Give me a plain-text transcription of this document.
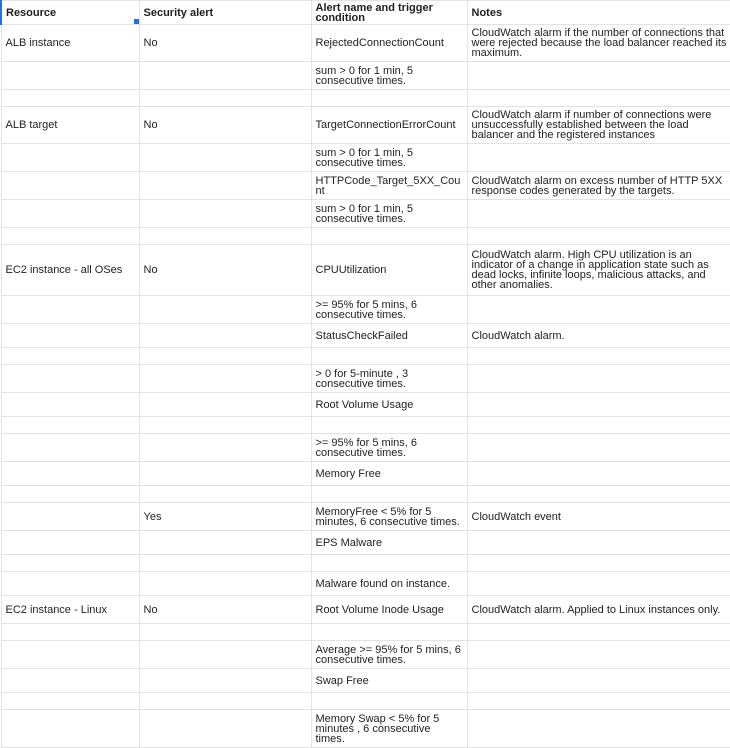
Resource	Security alert	Alert name and trigger condition	Notes

ALB instance	No	RejectedConnectionCount	CloudWatch alarm if the number of connections that were rejected because the load balancer reached its maximum.

		sum > 0 for 1 min, 5 consecutive times.	

ALB target	No	TargetConnectionErrorCount	CloudWatch alarm if number of connections were unsuccessfully established between the load balancer and the registered instances

		sum > 0 for 1 min, 5 consecutive times.	

		HTTPCode_Target_5XX_Count	CloudWatch alarm on excess number of HTTP 5XX response codes generated by the targets.

		sum > 0 for 1 min, 5 consecutive times.	

EC2 instance - all OSes	No	CPUUtilization	CloudWatch alarm. High CPU utilization is an indicator of a change in application state such as dead locks, infinite loops, malicious attacks, and other anomalies.

		>= 95% for 5 mins, 6 consecutive times.	

		StatusCheckFailed	CloudWatch alarm.

		> 0 for 5-minute , 3 consecutive times.	

		Root Volume Usage	

		>= 95% for 5 mins, 6 consecutive times.	

		Memory Free	

	Yes	MemoryFree < 5% for 5 minutes, 6 consecutive times.	CloudWatch event

		EPS Malware	

		Malware found on instance.	

EC2 instance - Linux	No	Root Volume Inode Usage	CloudWatch alarm. Applied to Linux instances only.

		Average >= 95% for 5 mins, 6 consecutive times.	

		Swap Free	

		Memory Swap < 5% for 5 minutes , 6 consecutive times.	
